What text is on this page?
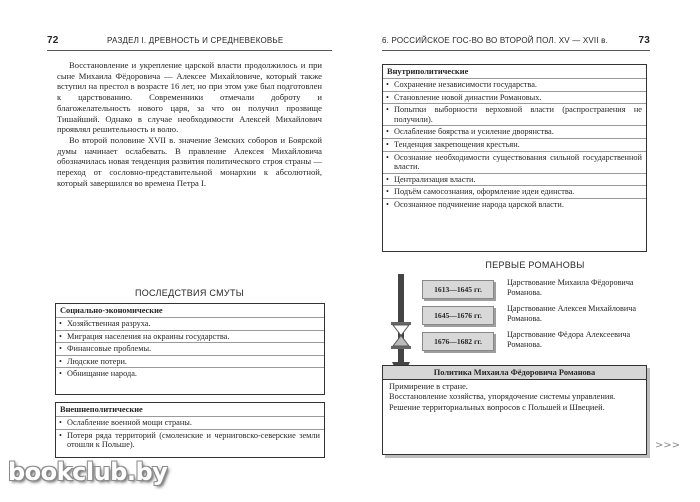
72	РАЗДЕЛ I. ДРЕВНОСТЬ И СРЕДНЕВЕКОВЬЕ

Восстановление и укрепление царской власти продолжилось и при сыне Михаила Фёдоровича — Алексее Михайловиче, который также вступил на престол в возрасте 16 лет, но при этом уже был подготовлен к царствованию. Современники отмечали доброту и благожелательность нового царя, за что он получил прозвище Тишайший. Однако в случае необходимости Алексей Михайлович проявлял решительность и волю.

Во второй половине XVII в. значение Земских соборов и Боярской думы начинает ослабевать. В правление Алексея Михайловича обозначилась новая тенденция развития политического строя страны — переход от сословно-представительной монархии к абсолютной, который завершился во времена Петра I.

ПОСЛЕДСТВИЯ СМУТЫ
Социально-экономические
• Хозяйственная разруха.
• Миграция населения на окраины государства.
• Финансовые проблемы.
• Людские потери.
• Обнищание народа.
Внешнеполитические
• Ослабление военной мощи страны.
• Потеря ряда территорий (смоленские и черниговско-северские земли отошли к Польше).
6. РОССИЙСКОЕ ГОС-ВО ВО ВТОРОЙ ПОЛ. XV — XVII в.	73
Внутриполитические
• Сохранение независимости государства.
• Становление новой династии Романовых.
• Попытки выборности верховной власти (распространения не получили).
• Ослабление боярства и усиление дворянства.
• Тенденция закрепощения крестьян.
• Осознание необходимости существования сильной государственной власти.
• Централизация власти.
• Подъём самосознания, оформление идеи единства.
• Осознанное подчинение народа царской власти.
ПЕРВЫЕ РОМАНОВЫ
1613—1645 гг.
Царствование Михаила Фёдоровича Романова.
1645—1676 гг.
Царствование Алексея Михайловича Романова.
1676—1682 гг.
Царствование Фёдора Алексеевича Романова.
Политика Михаила Фёдоровича Романова
Примирение в стране.
Восстановление хозяйства, упорядочение системы управления.
Решение территориальных вопросов с Польшей и Швецией.
bookclub.by
>>>
